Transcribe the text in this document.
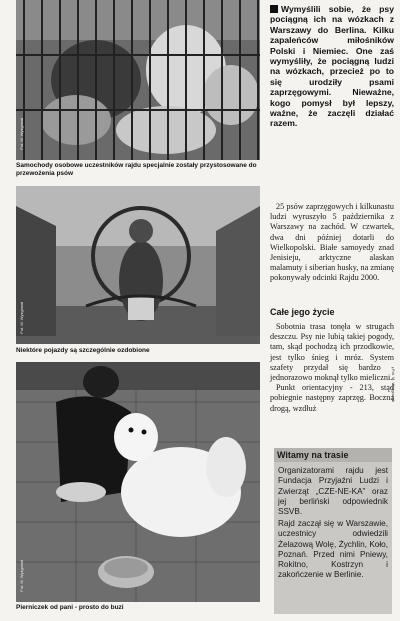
Fot. M. Wyzgował
Samochody osobowe uczestników rajdu specjalnie zostały przystosowane do przewożenia psów
Fot. M. Wyzgował
Niektóre pojazdy są szczególnie ozdobione
Fot. M. Wyzgował
Pierniczek od pani - prosto do buzi
Wymyślili sobie, że psy pociągną ich na wózkach z Warszawy do Berlina. Kilku zapaleńców miłośników Polski i Niemiec. One zaś wymyśliły, że pociągną ludzi na wózkach, przecież po to się urodziły psami zaprzęgowymi. Nieważne, kogo pomysł był lepszy, ważne, że zaczęli działać razem.

25 psów zaprzęgowych i kilkunastu ludzi wyruszyło 5 października z Warszawy na zachód. W czwartek, dwa dni później dotarli do Wielkopolski. Białe samoyedy znad Jenisieju, arktyczne alaskan malamuty i siberian husky, na zmianę pokonywały odcinki Rajdu 2000.

Całe jego życie

Sobotnia trasa tonęła w strugach deszczu. Psy nie lubią takiej pogody, tam, skąd pochodzą ich przodkowie, jest tylko śnieg i mróz. System szafety przydał się bardzo - jednorazowo moknął tylko mieliczni.

Punkt orientacyjny - 213, stąd pobiegnie następny zaprzęg. Boczną drogą, wzdłuż

Fot. M. Wyzgował
Witamy na trasie

Organizatorami rajdu jest Fundacja Przyjaźni Ludzi i Zwierząt „CZE-NE-KA” oraz jej berliński odpowiednik SSVB.

Rajd zaczął się w Warszawie, uczestnicy odwiedzili Żelazową Wolę, Żychlin, Koło, Poznań. Przed nimi Pniewy, Rokitno, Kostrzyn i zakończenie w Berlinie.
